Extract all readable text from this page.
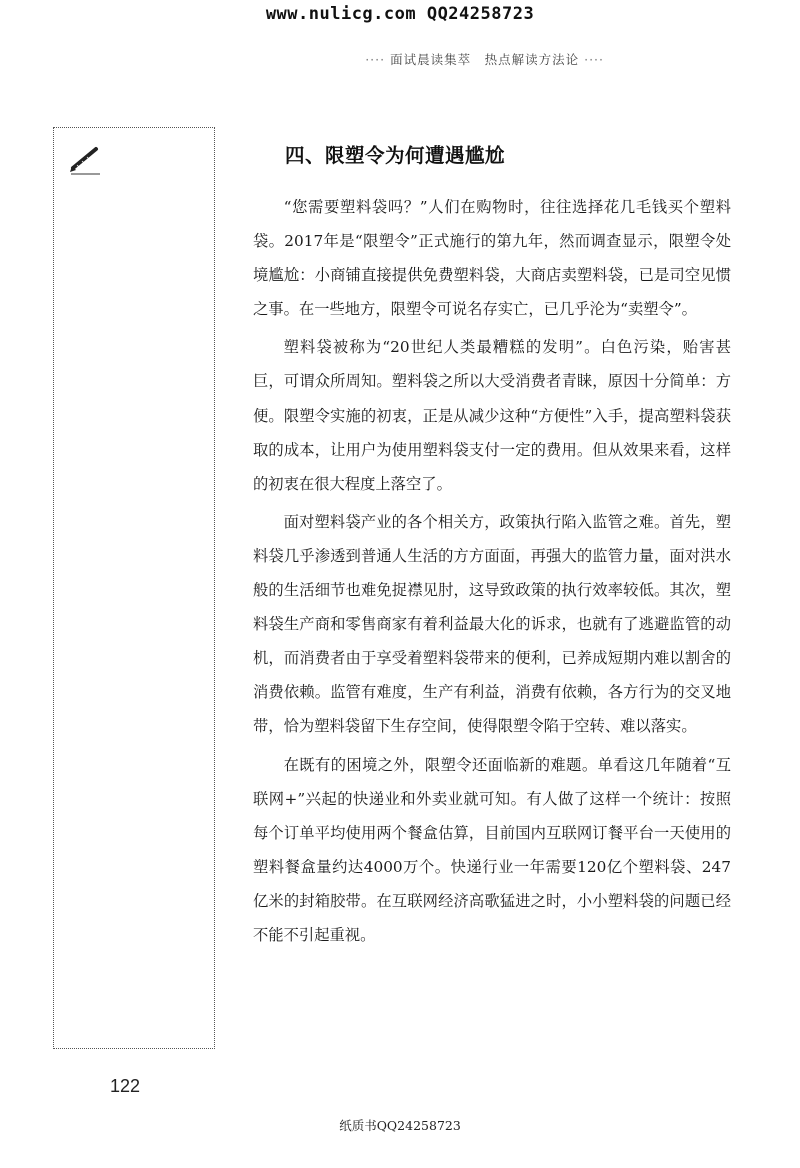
www.nulicg.com QQ24258723
···· 面试晨读集萃　热点解读方法论 ····
四、限塑令为何遭遇尴尬

“您需要塑料袋吗？”人们在购物时，往往选择花几毛钱买个塑料袋。2017年是“限塑令”正式施行的第九年，然而调查显示，限塑令处境尴尬：小商铺直接提供免费塑料袋，大商店卖塑料袋，已是司空见惯之事。在一些地方，限塑令可说名存实亡，已几乎沦为“卖塑令”。

塑料袋被称为“20世纪人类最糟糕的发明”。白色污染，贻害甚巨，可谓众所周知。塑料袋之所以大受消费者青睐，原因十分简单：方便。限塑令实施的初衷，正是从减少这种“方便性”入手，提高塑料袋获取的成本，让用户为使用塑料袋支付一定的费用。但从效果来看，这样的初衷在很大程度上落空了。

面对塑料袋产业的各个相关方，政策执行陷入监管之难。首先，塑料袋几乎渗透到普通人生活的方方面面，再强大的监管力量，面对洪水般的生活细节也难免捉襟见肘，这导致政策的执行效率较低。其次，塑料袋生产商和零售商家有着利益最大化的诉求，也就有了逃避监管的动机，而消费者由于享受着塑料袋带来的便利，已养成短期内难以割舍的消费依赖。监管有难度，生产有利益，消费有依赖，各方行为的交叉地带，恰为塑料袋留下生存空间，使得限塑令陷于空转、难以落实。

在既有的困境之外，限塑令还面临新的难题。单看这几年随着“互联网+”兴起的快递业和外卖业就可知。有人做了这样一个统计：按照每个订单平均使用两个餐盒估算，目前国内互联网订餐平台一天使用的塑料餐盒量约达4000万个。快递行业一年需要120亿个塑料袋、247亿米的封箱胶带。在互联网经济高歌猛进之时，小小塑料袋的问题已经不能不引起重视。

122
纸质书QQ24258723
